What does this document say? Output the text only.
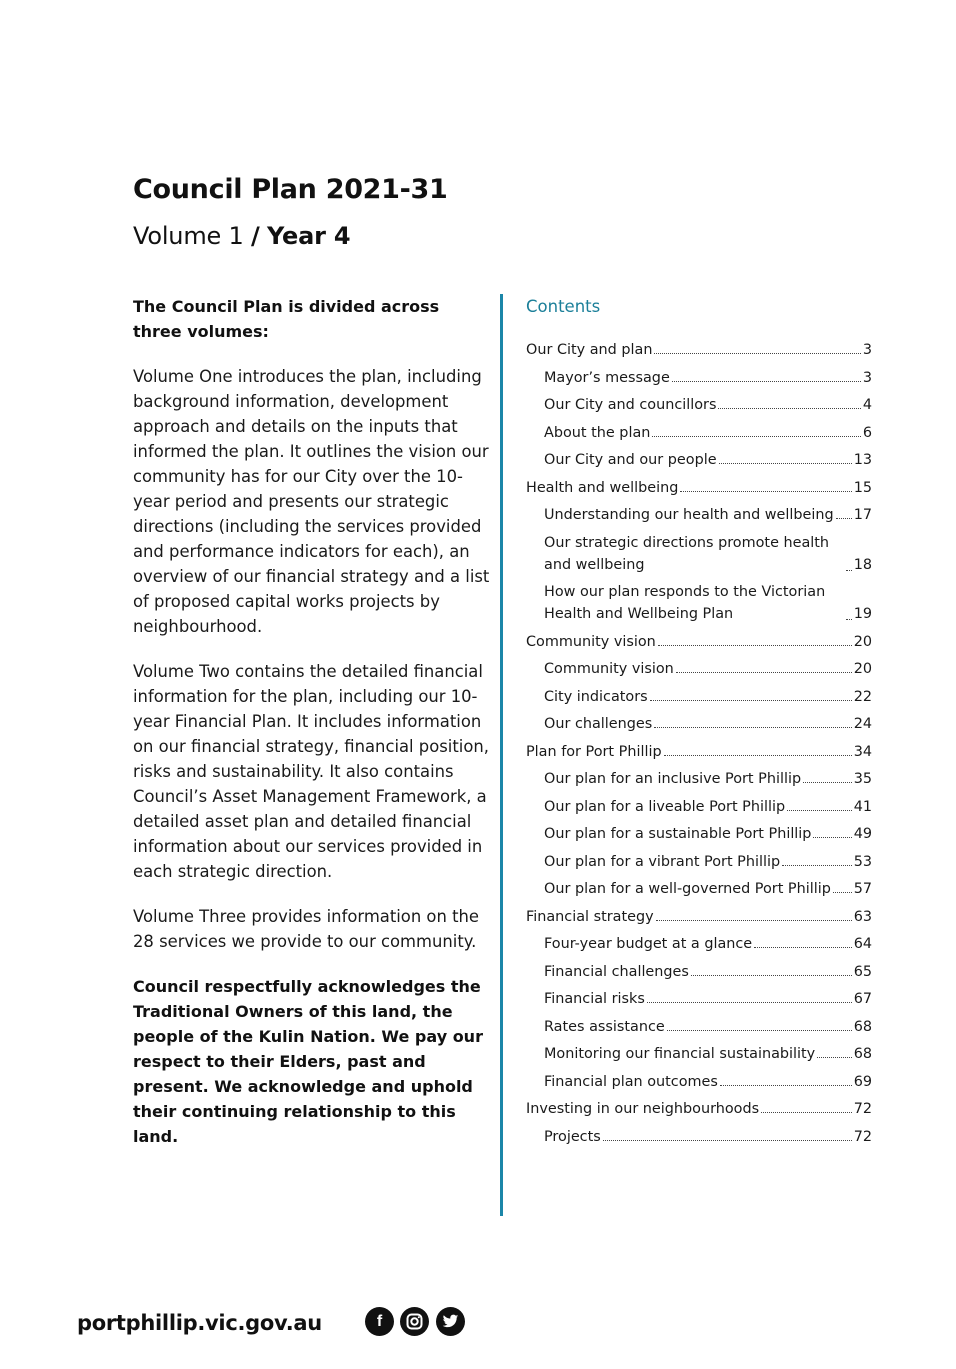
Council Plan 2021-31
Volume 1 / Year 4

The Council Plan is divided across three volumes:

Volume One introduces the plan, including background information, development approach and details on the inputs that informed the plan. It outlines the vision our community has for our City over the 10-year period and presents our strategic directions (including the services provided and performance indicators for each), an overview of our financial strategy and a list of proposed capital works projects by neighbourhood.

Volume Two contains the detailed financial information for the plan, including our 10-year Financial Plan. It includes information on our financial strategy, financial position, risks and sustainability. It also contains Council’s Asset Management Framework, a detailed asset plan and detailed financial information about our services provided in each strategic direction.

Volume Three provides information on the 28 services we provide to our community.

Council respectfully acknowledges the Traditional Owners of this land, the people of the Kulin Nation. We pay our respect to their Elders, past and present. We acknowledge and uphold their continuing relationship to this land.

Contents
Our City and plan	3
Mayor’s message	3
Our City and councillors	4
About the plan	6
Our City and our people	13
Health and wellbeing	15
Understanding our health and wellbeing 17
Our strategic directions promote health and wellbeing	18
How our plan responds to the Victorian Health and Wellbeing Plan	19
Community vision	20
Community vision	20
City indicators	22
Our challenges	24
Plan for Port Phillip	34
Our plan for an inclusive Port Phillip	35
Our plan for a liveable Port Phillip	41
Our plan for a sustainable Port Phillip	49
Our plan for a vibrant Port Phillip	53
Our plan for a well-governed Port Phillip 57
Financial strategy	63
Four-year budget at a glance	64
Financial challenges	65
Financial risks	67
Rates assistance	68
Monitoring our financial sustainability	68
Financial plan outcomes	69
Investing in our neighbourhoods	72
Projects	72
portphillip.vic.gov.au	f
